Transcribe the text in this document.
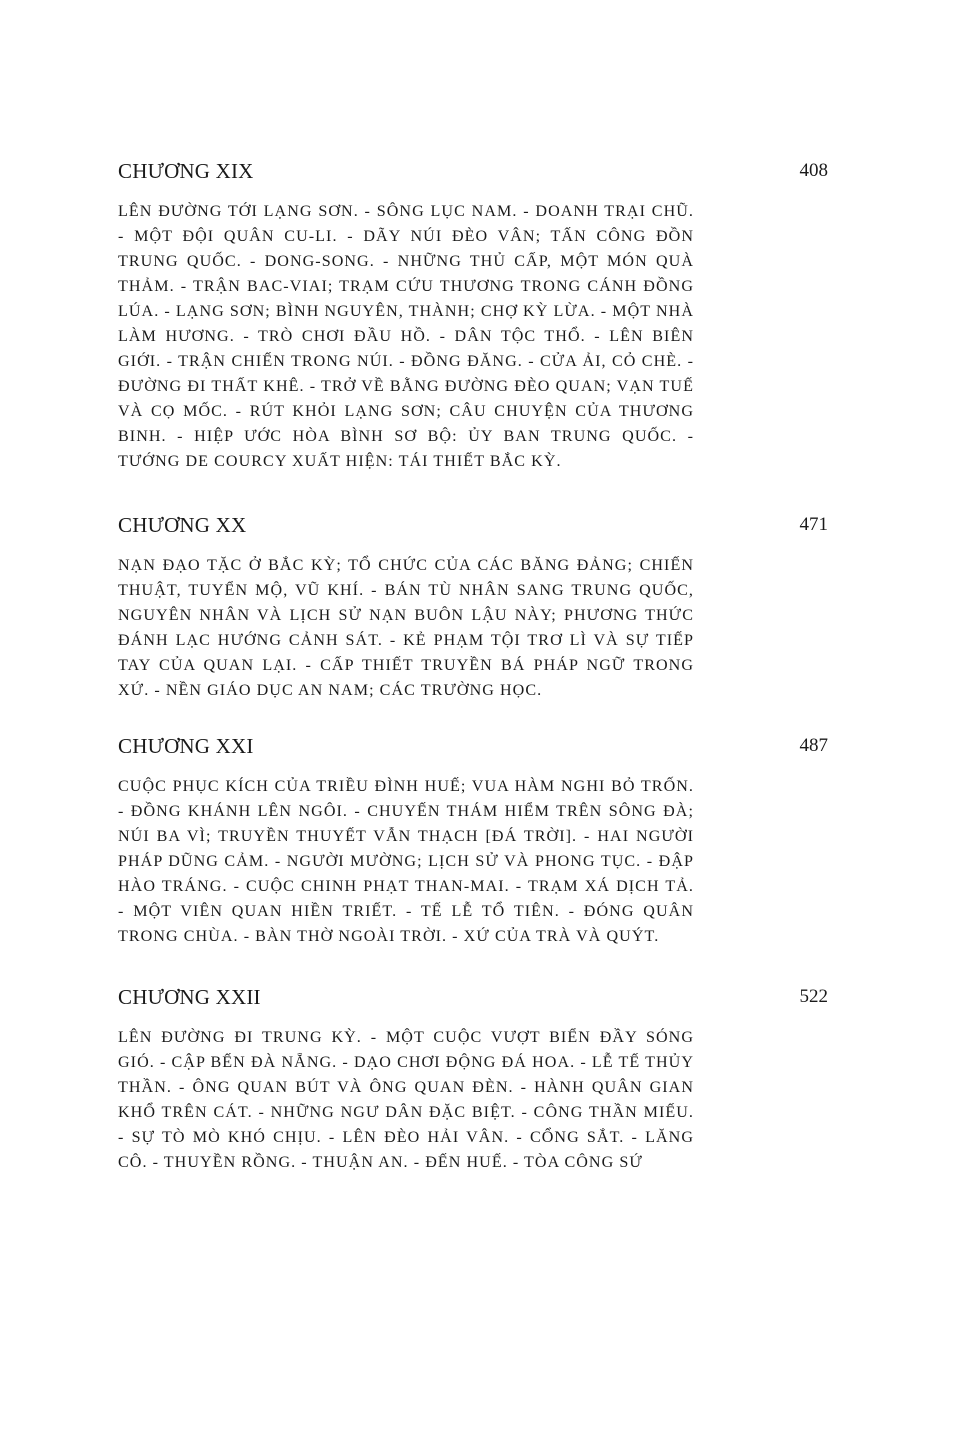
CHƯƠNG XIX	408

LÊN ĐƯỜNG TỚI LẠNG SƠN. - SÔNG LỤC NAM. - DOANH TRẠI CHŨ. - MỘT ĐỘI QUÂN CU-LI. - DÃY NÚI ĐÈO VÂN; TẤN CÔNG ĐỒN TRUNG QUỐC. - DONG-SONG. - NHỮNG THỦ CẤP, MỘT MÓN QUÀ THẢM. - TRẬN BAC-VIAI; TRẠM CỨU THƯƠNG TRONG CÁNH ĐỒNG LÚA. - LẠNG SƠN; BÌNH NGUYÊN, THÀNH; CHỢ KỲ LỪA. - MỘT NHÀ LÀM HƯƠNG. - TRÒ CHƠI ĐẦU HỒ. - DÂN TỘC THỔ. - LÊN BIÊN GIỚI. - TRẬN CHIẾN TRONG NÚI. - ĐỒNG ĐĂNG. - CỬA ẢI, CỎ CHÈ. - ĐƯỜNG ĐI THẤT KHÊ. - TRỞ VỀ BẰNG ĐƯỜNG ĐÈO QUAN; VẠN TUẾ VÀ CỌ MỐC. - RÚT KHỎI LẠNG SƠN; CÂU CHUYỆN CỦA THƯƠNG BINH. - HIỆP ƯỚC HÒA BÌNH SƠ BỘ: ỦY BAN TRUNG QUỐC. - TƯỚNG DE COURCY XUẤT HIỆN: TÁI THIẾT BẮC KỲ.

CHƯƠNG XX	471

NẠN ĐẠO TẶC Ở BẮC KỲ; TỔ CHỨC CỦA CÁC BĂNG ĐẢNG; CHIẾN THUẬT, TUYỂN MỘ, VŨ KHÍ. - BÁN TÙ NHÂN SANG TRUNG QUỐC, NGUYÊN NHÂN VÀ LỊCH SỬ NẠN BUÔN LẬU NÀY; PHƯƠNG THỨC ĐÁNH LẠC HƯỚNG CẢNH SÁT. - KẺ PHẠM TỘI TRƠ LÌ VÀ SỰ TIẾP TAY CỦA QUAN LẠI. - CẤP THIẾT TRUYỀN BÁ PHÁP NGỮ TRONG XỨ. - NỀN GIÁO DỤC AN NAM; CÁC TRƯỜNG HỌC.

CHƯƠNG XXI	487

CUỘC PHỤC KÍCH CỦA TRIỀU ĐÌNH HUẾ; VUA HÀM NGHI BỎ TRỐN. - ĐỒNG KHÁNH LÊN NGÔI. - CHUYẾN THÁM HIỂM TRÊN SÔNG ĐÀ; NÚI BA VÌ; TRUYỀN THUYẾT VẪN THẠCH [ĐÁ TRỜI]. - HAI NGƯỜI PHÁP DŨNG CẢM. - NGƯỜI MƯỜNG; LỊCH SỬ VÀ PHONG TỤC. - ĐẬP HÀO TRÁNG. - CUỘC CHINH PHẠT THAN-MAI. - TRẠM XÁ DỊCH TẢ. - MỘT VIÊN QUAN HIỀN TRIẾT. - TẾ LỄ TỔ TIÊN. - ĐÓNG QUÂN TRONG CHÙA. - BÀN THỜ NGOÀI TRỜI. - XỨ CỦA TRÀ VÀ QUÝT.

CHƯƠNG XXII	522

LÊN ĐƯỜNG ĐI TRUNG KỲ. - MỘT CUỘC VƯỢT BIỂN ĐẦY SÓNG GIÓ. - CẬP BẾN ĐÀ NẴNG. - DẠO CHƠI ĐỘNG ĐÁ HOA. - LỄ TẾ THỦY THẦN. - ÔNG QUAN BÚT VÀ ÔNG QUAN ĐÈN. - HÀNH QUÂN GIAN KHỔ TRÊN CÁT. - NHỮNG NGƯ DÂN ĐẶC BIỆT. - CÔNG THẦN MIẾU. - SỰ TÒ MÒ KHÓ CHỊU. - LÊN ĐÈO HẢI VÂN. - CỔNG SẮT. - LĂNG CÔ. - THUYỀN RỒNG. - THUẬN AN. - ĐẾN HUẾ. - TÒA CÔNG SỨ
